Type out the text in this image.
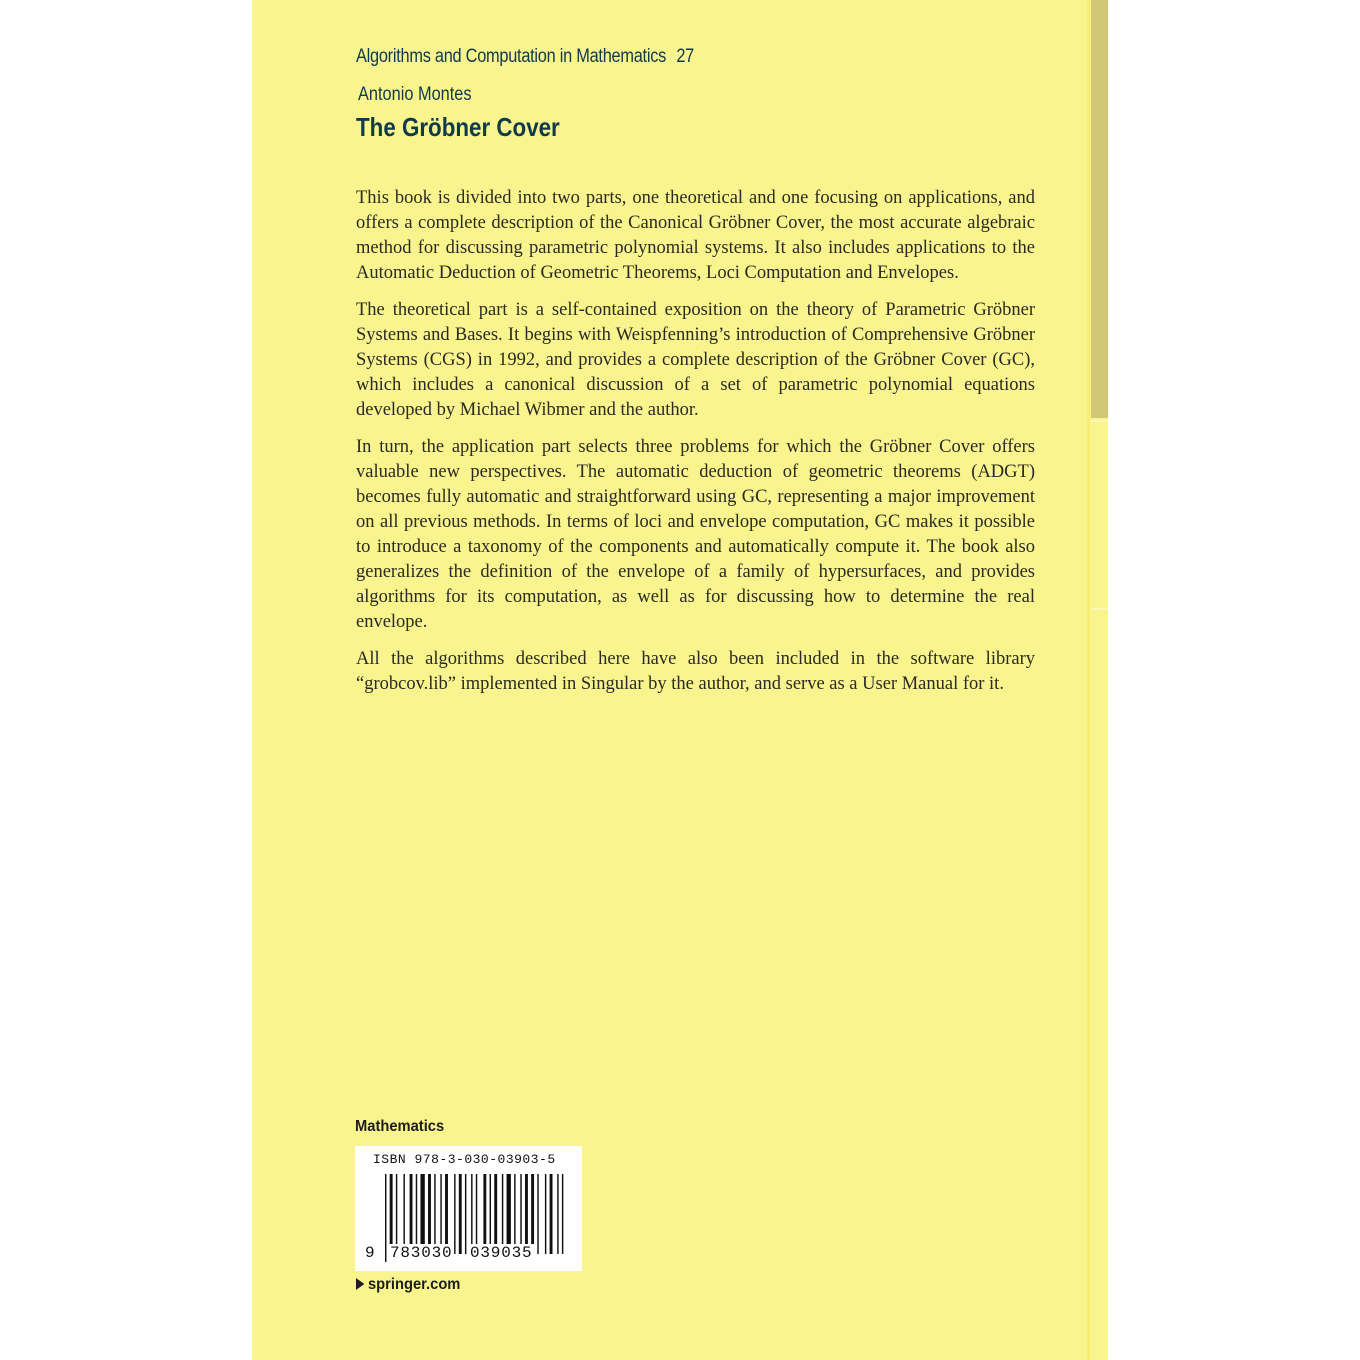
Algorithms and Computation in Mathematics 27
Antonio Montes
The Gröbner Cover

This book is divided into two parts, one theoretical and one focusing on applications, and offers a complete description of the Canonical Gröbner Cover, the most accurate algebraic method for discussing parametric polynomial systems. It also includes applications to the Automatic Deduction of Geometric Theorems, Loci Computation and Envelopes.

The theoretical part is a self-contained exposition on the theory of Parametric Gröbner Systems and Bases. It begins with Weispfenning’s introduction of Comprehensive Gröbner Systems (CGS) in 1992, and provides a complete description of the Gröbner Cover (GC), which includes a canonical discussion of a set of parametric polynomial equations developed by Michael Wibmer and the author.

In turn, the application part selects three problems for which the Gröbner Cover offers valuable new perspectives. The automatic deduction of geometric theorems (ADGT) becomes fully automatic and straightforward using GC, representing a major improvement on all previous methods. In terms of loci and envelope computation, GC makes it possible to introduce a taxonomy of the components and automatically compute it. The book also generalizes the definition of the envelope of a family of hypersurfaces, and provides algorithms for its computation, as well as for discussing how to determine the real envelope.

All the algorithms described here have also been included in the software library “grobcov.lib” implemented in Singular by the author, and serve as a User Manual for it.

Mathematics
ISBN 978-3-030-03903-5
9 783030 039035
springer.com
